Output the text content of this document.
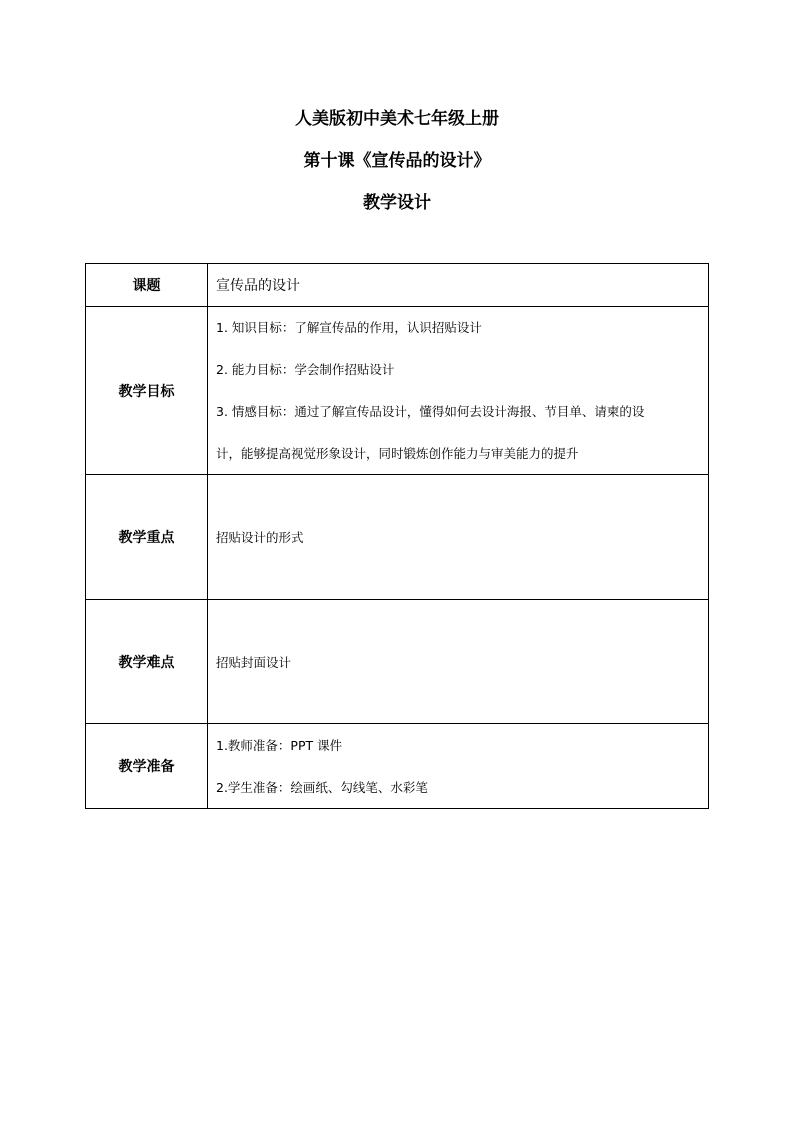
人美版初中美术七年级上册

第十课《宣传品的设计》

教学设计

课题	宣传品的设计
教学目标	1. 知识目标：了解宣传品的作用，认识招贴设计

2. 能力目标：学会制作招贴设计

3. 情感目标：通过了解宣传品设计，懂得如何去设计海报、节目单、请柬的设

计，能够提高视觉形象设计，同时锻炼创作能力与审美能力的提升

教学重点	招贴设计的形式
教学难点	招贴封面设计
教学准备	1.教师准备：PPT 课件

2.学生准备：绘画纸、勾线笔、水彩笔
